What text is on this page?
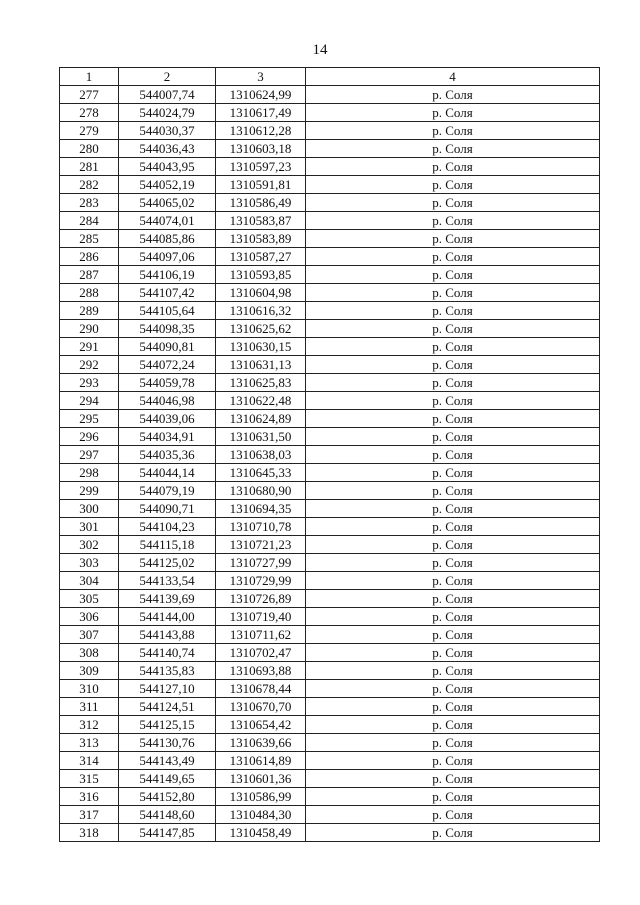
14
1	2	3	4
277	544007,74	1310624,99	р. Соля
278	544024,79	1310617,49	р. Соля
279	544030,37	1310612,28	р. Соля
280	544036,43	1310603,18	р. Соля
281	544043,95	1310597,23	р. Соля
282	544052,19	1310591,81	р. Соля
283	544065,02	1310586,49	р. Соля
284	544074,01	1310583,87	р. Соля
285	544085,86	1310583,89	р. Соля
286	544097,06	1310587,27	р. Соля
287	544106,19	1310593,85	р. Соля
288	544107,42	1310604,98	р. Соля
289	544105,64	1310616,32	р. Соля
290	544098,35	1310625,62	р. Соля
291	544090,81	1310630,15	р. Соля
292	544072,24	1310631,13	р. Соля
293	544059,78	1310625,83	р. Соля
294	544046,98	1310622,48	р. Соля
295	544039,06	1310624,89	р. Соля
296	544034,91	1310631,50	р. Соля
297	544035,36	1310638,03	р. Соля
298	544044,14	1310645,33	р. Соля
299	544079,19	1310680,90	р. Соля
300	544090,71	1310694,35	р. Соля
301	544104,23	1310710,78	р. Соля
302	544115,18	1310721,23	р. Соля
303	544125,02	1310727,99	р. Соля
304	544133,54	1310729,99	р. Соля
305	544139,69	1310726,89	р. Соля
306	544144,00	1310719,40	р. Соля
307	544143,88	1310711,62	р. Соля
308	544140,74	1310702,47	р. Соля
309	544135,83	1310693,88	р. Соля
310	544127,10	1310678,44	р. Соля
311	544124,51	1310670,70	р. Соля
312	544125,15	1310654,42	р. Соля
313	544130,76	1310639,66	р. Соля
314	544143,49	1310614,89	р. Соля
315	544149,65	1310601,36	р. Соля
316	544152,80	1310586,99	р. Соля
317	544148,60	1310484,30	р. Соля
318	544147,85	1310458,49	р. Соля
